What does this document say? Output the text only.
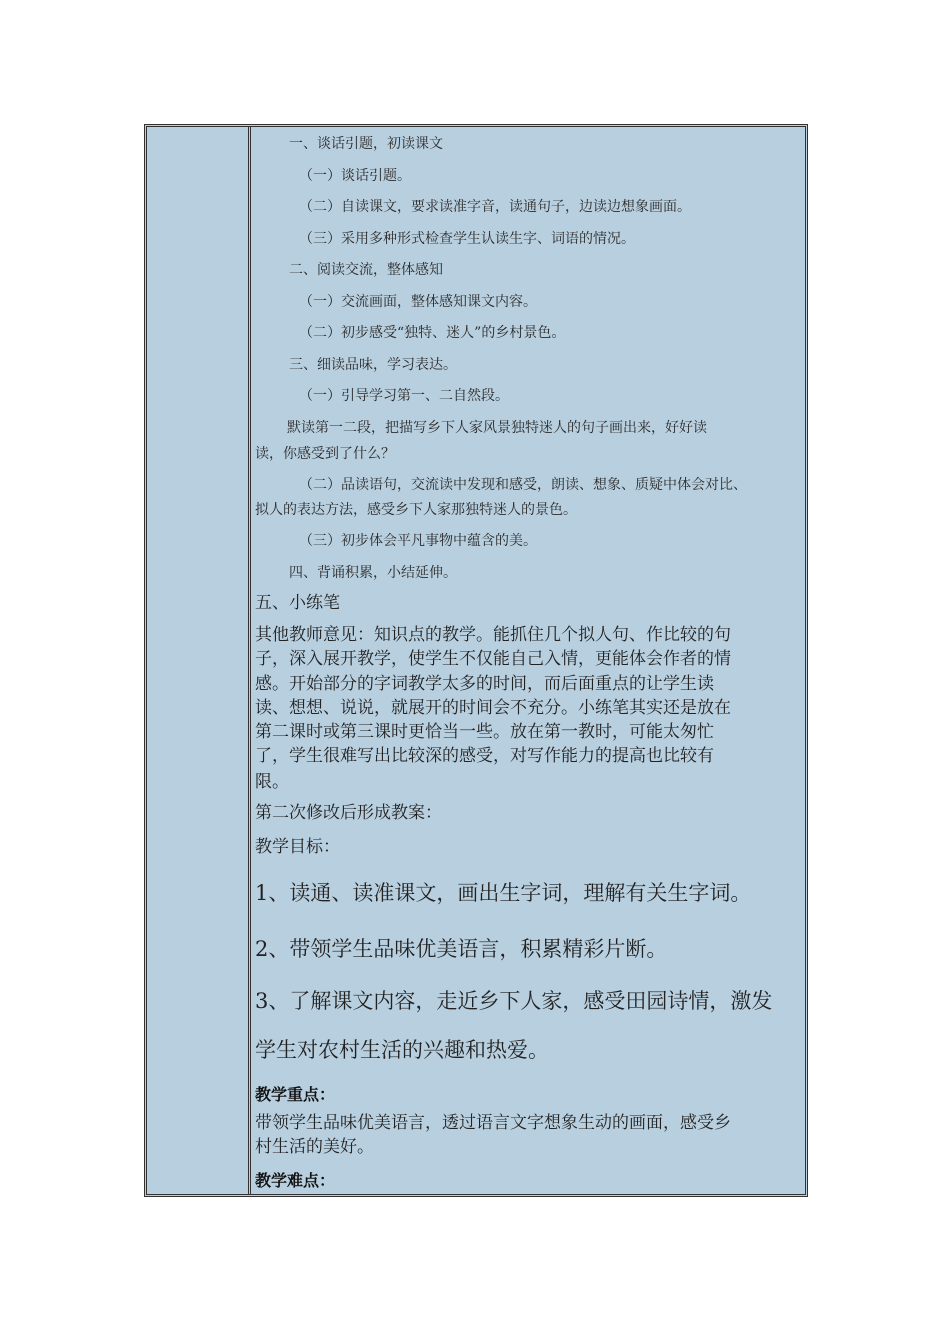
一、谈话引题，初读课文
（一）谈话引题。
（二）自读课文，要求读准字音，读通句子，边读边想象画面。
（三）采用多种形式检查学生认读生字、词语的情况。
二、阅读交流，整体感知
（一）交流画面，整体感知课文内容。
（二）初步感受“独特、迷人”的乡村景色。
三、细读品味，学习表达。
（一）引导学习第一、二自然段。
默读第一二段，把描写乡下人家风景独特迷人的句子画出来，好好读
读，你感受到了什么？
（二）品读语句，交流读中发现和感受，朗读、想象、质疑中体会对比、
拟人的表达方法，感受乡下人家那独特迷人的景色。
（三）初步体会平凡事物中蕴含的美。
四、背诵积累，小结延伸。
五、小练笔
其他教师意见：知识点的教学。能抓住几个拟人句、作比较的句
子，深入展开教学，使学生不仅能自己入情，更能体会作者的情
感。开始部分的字词教学太多的时间，而后面重点的让学生读
读、想想、说说，就展开的时间会不充分。小练笔其实还是放在
第二课时或第三课时更恰当一些。放在第一教时，可能太匆忙
了，学生很难写出比较深的感受，对写作能力的提高也比较有
限。
第二次修改后形成教案：
教学目标：
1、读通、读准课文，画出生字词，理解有关生字词。
2、带领学生品味优美语言，积累精彩片断。
3、了解课文内容，走近乡下人家，感受田园诗情，激发
学生对农村生活的兴趣和热爱。
教学重点：
带领学生品味优美语言，透过语言文字想象生动的画面，感受乡
村生活的美好。
教学难点：
